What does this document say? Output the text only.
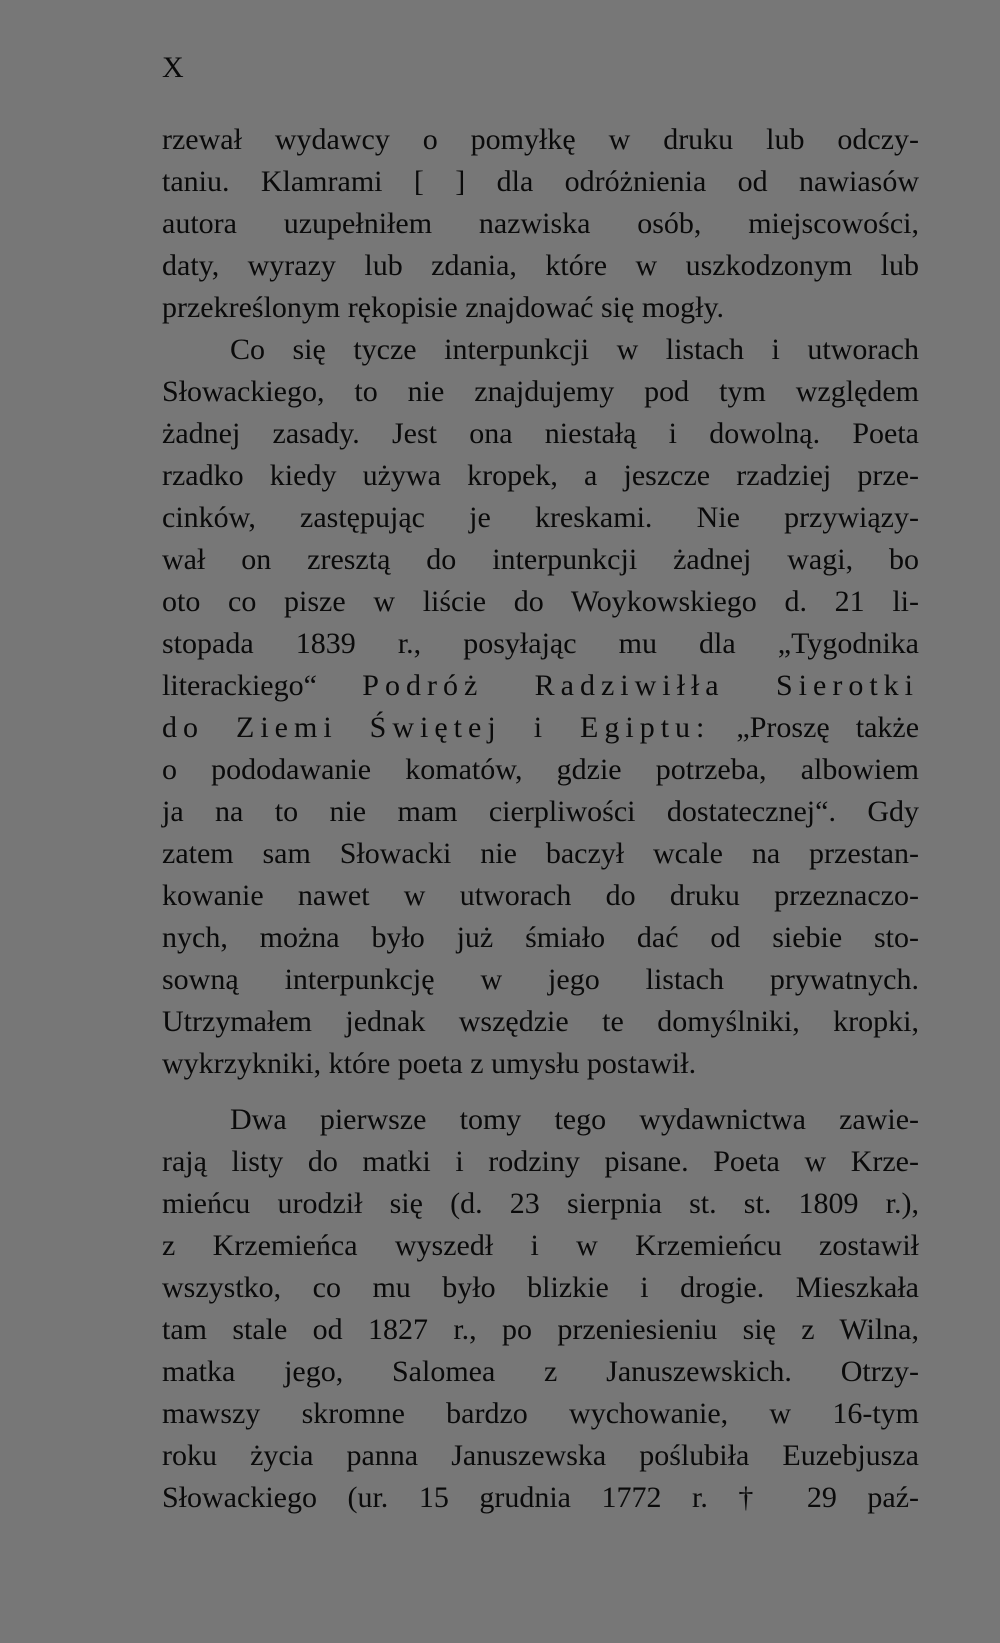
X
rzewał wydawcy o pomyłkę w druku lub odczy-
taniu. Klamrami [ ] dla odróżnienia od nawiasów
autora uzupełniłem nazwiska osób, miejscowości,
daty, wyrazy lub zdania, które w uszkodzonym lub
przekreślonym rękopisie znajdować się mogły.
Co się tycze interpunkcji w listach i utworach
Słowackiego, to nie znajdujemy pod tym względem
żadnej zasady. Jest ona niestałą i dowolną. Poeta
rzadko kiedy używa kropek, a jeszcze rzadziej prze-
cinków, zastępując je kreskami. Nie przywiązy-
wał on zresztą do interpunkcji żadnej wagi, bo
oto co pisze w liście do Woykowskiego d. 21 li-
stopada 1839 r., posyłając mu dla „Tygodnika
literackiego“ Podróż Radziwiłła Sierotki
do Ziemi Świętej i Egiptu: „Proszę także
o pododawanie komatów, gdzie potrzeba, albowiem
ja na to nie mam cierpliwości dostatecznej“. Gdy
zatem sam Słowacki nie baczył wcale na przestan-
kowanie nawet w utworach do druku przeznaczo-
nych, można było już śmiało dać od siebie sto-
sowną interpunkcję w jego listach prywatnych.
Utrzymałem jednak wszędzie te domyślniki, kropki,
wykrzykniki, które poeta z umysłu postawił.
Dwa pierwsze tomy tego wydawnictwa zawie-
rają listy do matki i rodziny pisane. Poeta w Krze-
mieńcu urodził się (d. 23 sierpnia st. st. 1809 r.),
z Krzemieńca wyszedł i w Krzemieńcu zostawił
wszystko, co mu było blizkie i drogie. Mieszkała
tam stale od 1827 r., po przeniesieniu się z Wilna,
matka jego, Salomea z Januszewskich. Otrzy-
mawszy skromne bardzo wychowanie, w 16-tym
roku życia panna Januszewska poślubiła Euzebjusza
Słowackiego (ur. 15 grudnia 1772 r. † 29 paź-
